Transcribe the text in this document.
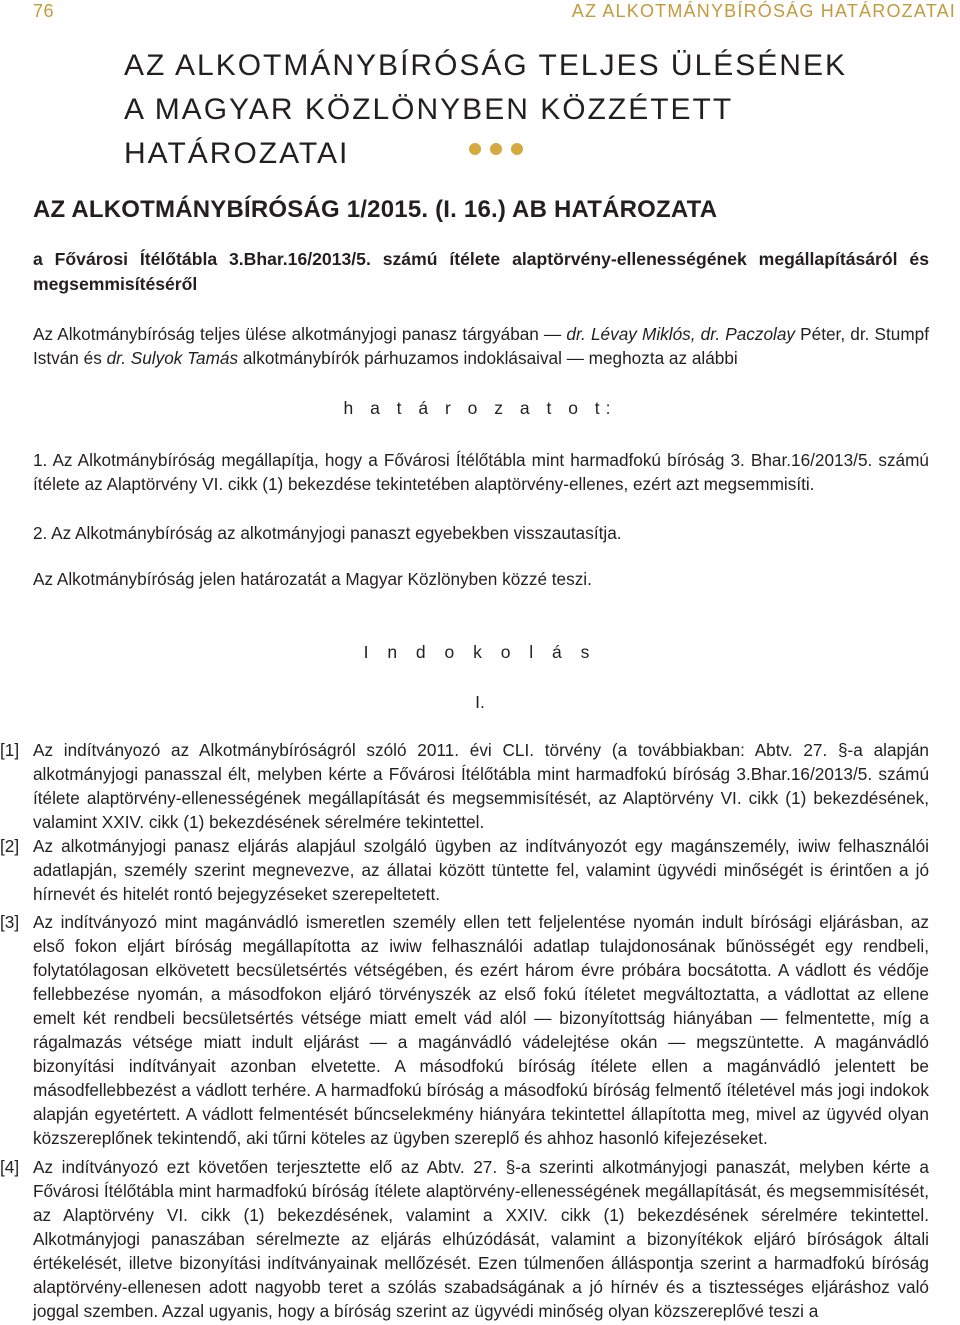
76	AZ ALKOTMÁNYBÍRÓSÁG HATÁROZATAI
AZ ALKOTMÁNYBÍRÓSÁG TELJES ÜLÉSÉNEK
A MAGYAR KÖZLÖNYBEN KÖZZÉTETT HATÁROZATAI
AZ ALKOTMÁNYBÍRÓSÁG 1/2015. (I. 16.) AB HATÁROZATA
a Fővárosi Ítélőtábla 3.Bhar.16/2013/5. számú ítélete alaptörvény-ellenességének megállapításáról és megsemmisítéséről
Az Alkotmánybíróság teljes ülése alkotmányjogi panasz tárgyában — dr. Lévay Miklós, dr. Paczolay Péter, dr. Stumpf István és dr. Sulyok Tamás alkotmánybírók párhuzamos indoklásaival — meghozta az alábbi
h a t á r o z a t o t:
1. Az Alkotmánybíróság megállapítja, hogy a Fővárosi Ítélőtábla mint harmadfokú bíróság 3. Bhar.16/2013/5. számú ítélete az Alaptörvény VI. cikk (1) bekezdése tekintetében alaptörvény-ellenes, ezért azt megsemmisíti.
2. Az Alkotmánybíróság az alkotmányjogi panaszt egyebekben visszautasítja.
Az Alkotmánybíróság jelen határozatát a Magyar Közlönyben közzé teszi.
I n d o k o l á s
I.
[1] Az indítványozó az Alkotmánybíróságról szóló 2011. évi CLI. törvény (a továbbiakban: Abtv. 27. §-a alapján alkotmányjogi panasszal élt, melyben kérte a Fővárosi Ítélőtábla mint harmadfokú bíróság 3.Bhar.16/2013/5. számú ítélete alaptörvény-ellenességének megállapítását és megsemmisítését, az Alaptörvény VI. cikk (1) bekezdésének, valamint XXIV. cikk (1) bekezdésének sérelmére tekintettel.
[2] Az alkotmányjogi panasz eljárás alapjául szolgáló ügyben az indítványozót egy magánszemély, iwiw felhasználói adatlapján, személy szerint megnevezve, az állatai között tüntette fel, valamint ügyvédi minőségét is érintően a jó hírnevét és hitelét rontó bejegyzéseket szerepeltetett.
[3] Az indítványozó mint magánvádló ismeretlen személy ellen tett feljelentése nyomán indult bírósági eljárásban, az első fokon eljárt bíróság megállapította az iwiw felhasználói adatlap tulajdonosának bűnösségét egy rendbeli, folytatólagosan elkövetett becsületsértés vétségében, és ezért három évre próbára bocsátotta. A vádlott és védője fellebbezése nyomán, a másodfokon eljáró törvényszék az első fokú ítéletet megváltoztatta, a vádlottat az ellene emelt két rendbeli becsületsértés vétsége miatt emelt vád alól — bizonyítottság hiányában — felmentette, míg a rágalmazás vétsége miatt indult eljárást — a magánvádló vádelejtése okán — megszüntette. A magánvádló bizonyítási indítványait azonban elvetette. A másodfokú bíróság ítélete ellen a magánvádló jelentett be másodfellebbezést a vádlott terhére. A harmadfokú bíróság a másodfokú bíróság felmentő ítéletével más jogi indokok alapján egyetértett. A vádlott felmentését bűncselekmény hiányára tekintettel állapította meg, mivel az ügyvéd olyan közszereplőnek tekintendő, aki tűrni köteles az ügyben szereplő és ahhoz hasonló kifejezéseket.
[4] Az indítványozó ezt követően terjesztette elő az Abtv. 27. §-a szerinti alkotmányjogi panaszát, melyben kérte a Fővárosi Ítélőtábla mint harmadfokú bíróság ítélete alaptörvény-ellenességének megállapítását, és megsemmisítését, az Alaptörvény VI. cikk (1) bekezdésének, valamint a XXIV. cikk (1) bekezdésének sérelmére tekintettel. Alkotmányjogi panaszában sérelmezte az eljárás elhúzódását, valamint a bizonyítékok eljáró bíróságok általi értékelését, illetve bizonyítási indítványainak mellőzését. Ezen túlmenően álláspontja szerint a harmadfokú bíróság alaptörvény-ellenesen adott nagyobb teret a szólás szabadságának a jó hírnév és a tisztességes eljáráshoz való joggal szemben. Azzal ugyanis, hogy a bíróság szerint az ügyvédi minőség olyan közszereplővé teszi a
